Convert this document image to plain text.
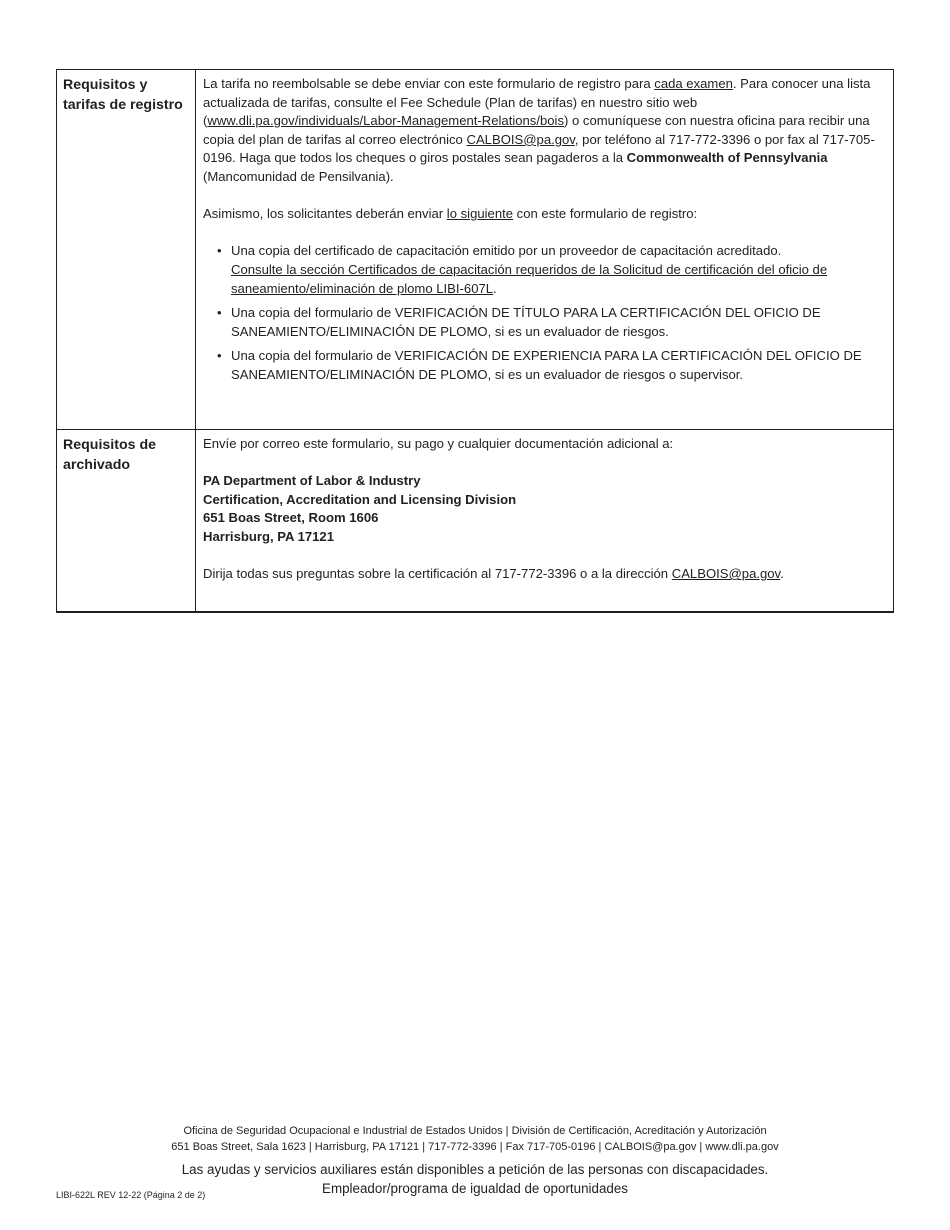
Requisitos y tarifas de registro

La tarifa no reembolsable se debe enviar con este formulario de registro para cada examen. Para conocer una lista actualizada de tarifas, consulte el Fee Schedule (Plan de tarifas) en nuestro sitio web (www.dli.pa.gov/individuals/Labor-Management-Relations/bois) o comuníquese con nuestra oficina para recibir una copia del plan de tarifas al correo electrónico CALBOIS@pa.gov, por teléfono al 717-772-3396 o por fax al 717-705-0196. Haga que todos los cheques o giros postales sean pagaderos a la Commonwealth of Pennsylvania (Mancomunidad de Pensilvania).

Asimismo, los solicitantes deberán enviar lo siguiente con este formulario de registro:

• Una copia del certificado de capacitación emitido por un proveedor de capacitación acreditado.
Consulte la sección Certificados de capacitación requeridos de la Solicitud de certificación del oficio de saneamiento/eliminación de plomo LIBI-607L.
• Una copia del formulario de VERIFICACIÓN DE TÍTULO PARA LA CERTIFICACIÓN DEL OFICIO DE SANEAMIENTO/ELIMINACIÓN DE PLOMO, si es un evaluador de riesgos.
• Una copia del formulario de VERIFICACIÓN DE EXPERIENCIA PARA LA CERTIFICACIÓN DEL OFICIO DE SANEAMIENTO/ELIMINACIÓN DE PLOMO, si es un evaluador de riesgos o supervisor.
Requisitos de archivado

Envíe por correo este formulario, su pago y cualquier documentación adicional a:

PA Department of Labor & Industry
Certification, Accreditation and Licensing Division
651 Boas Street, Room 1606
Harrisburg, PA 17121

Dirija todas sus preguntas sobre la certificación al 717-772-3396 o a la dirección CALBOIS@pa.gov.

Oficina de Seguridad Ocupacional e Industrial de Estados Unidos | División de Certificación, Acreditación y Autorización
651 Boas Street, Sala 1623 | Harrisburg, PA 17121 | 717-772-3396 | Fax 717-705-0196 | CALBOIS@pa.gov | www.dli.pa.gov
Las ayudas y servicios auxiliares están disponibles a petición de las personas con discapacidades.
Empleador/programa de igualdad de oportunidades
LIBI-622L REV 12-22 (Página 2 de 2)
